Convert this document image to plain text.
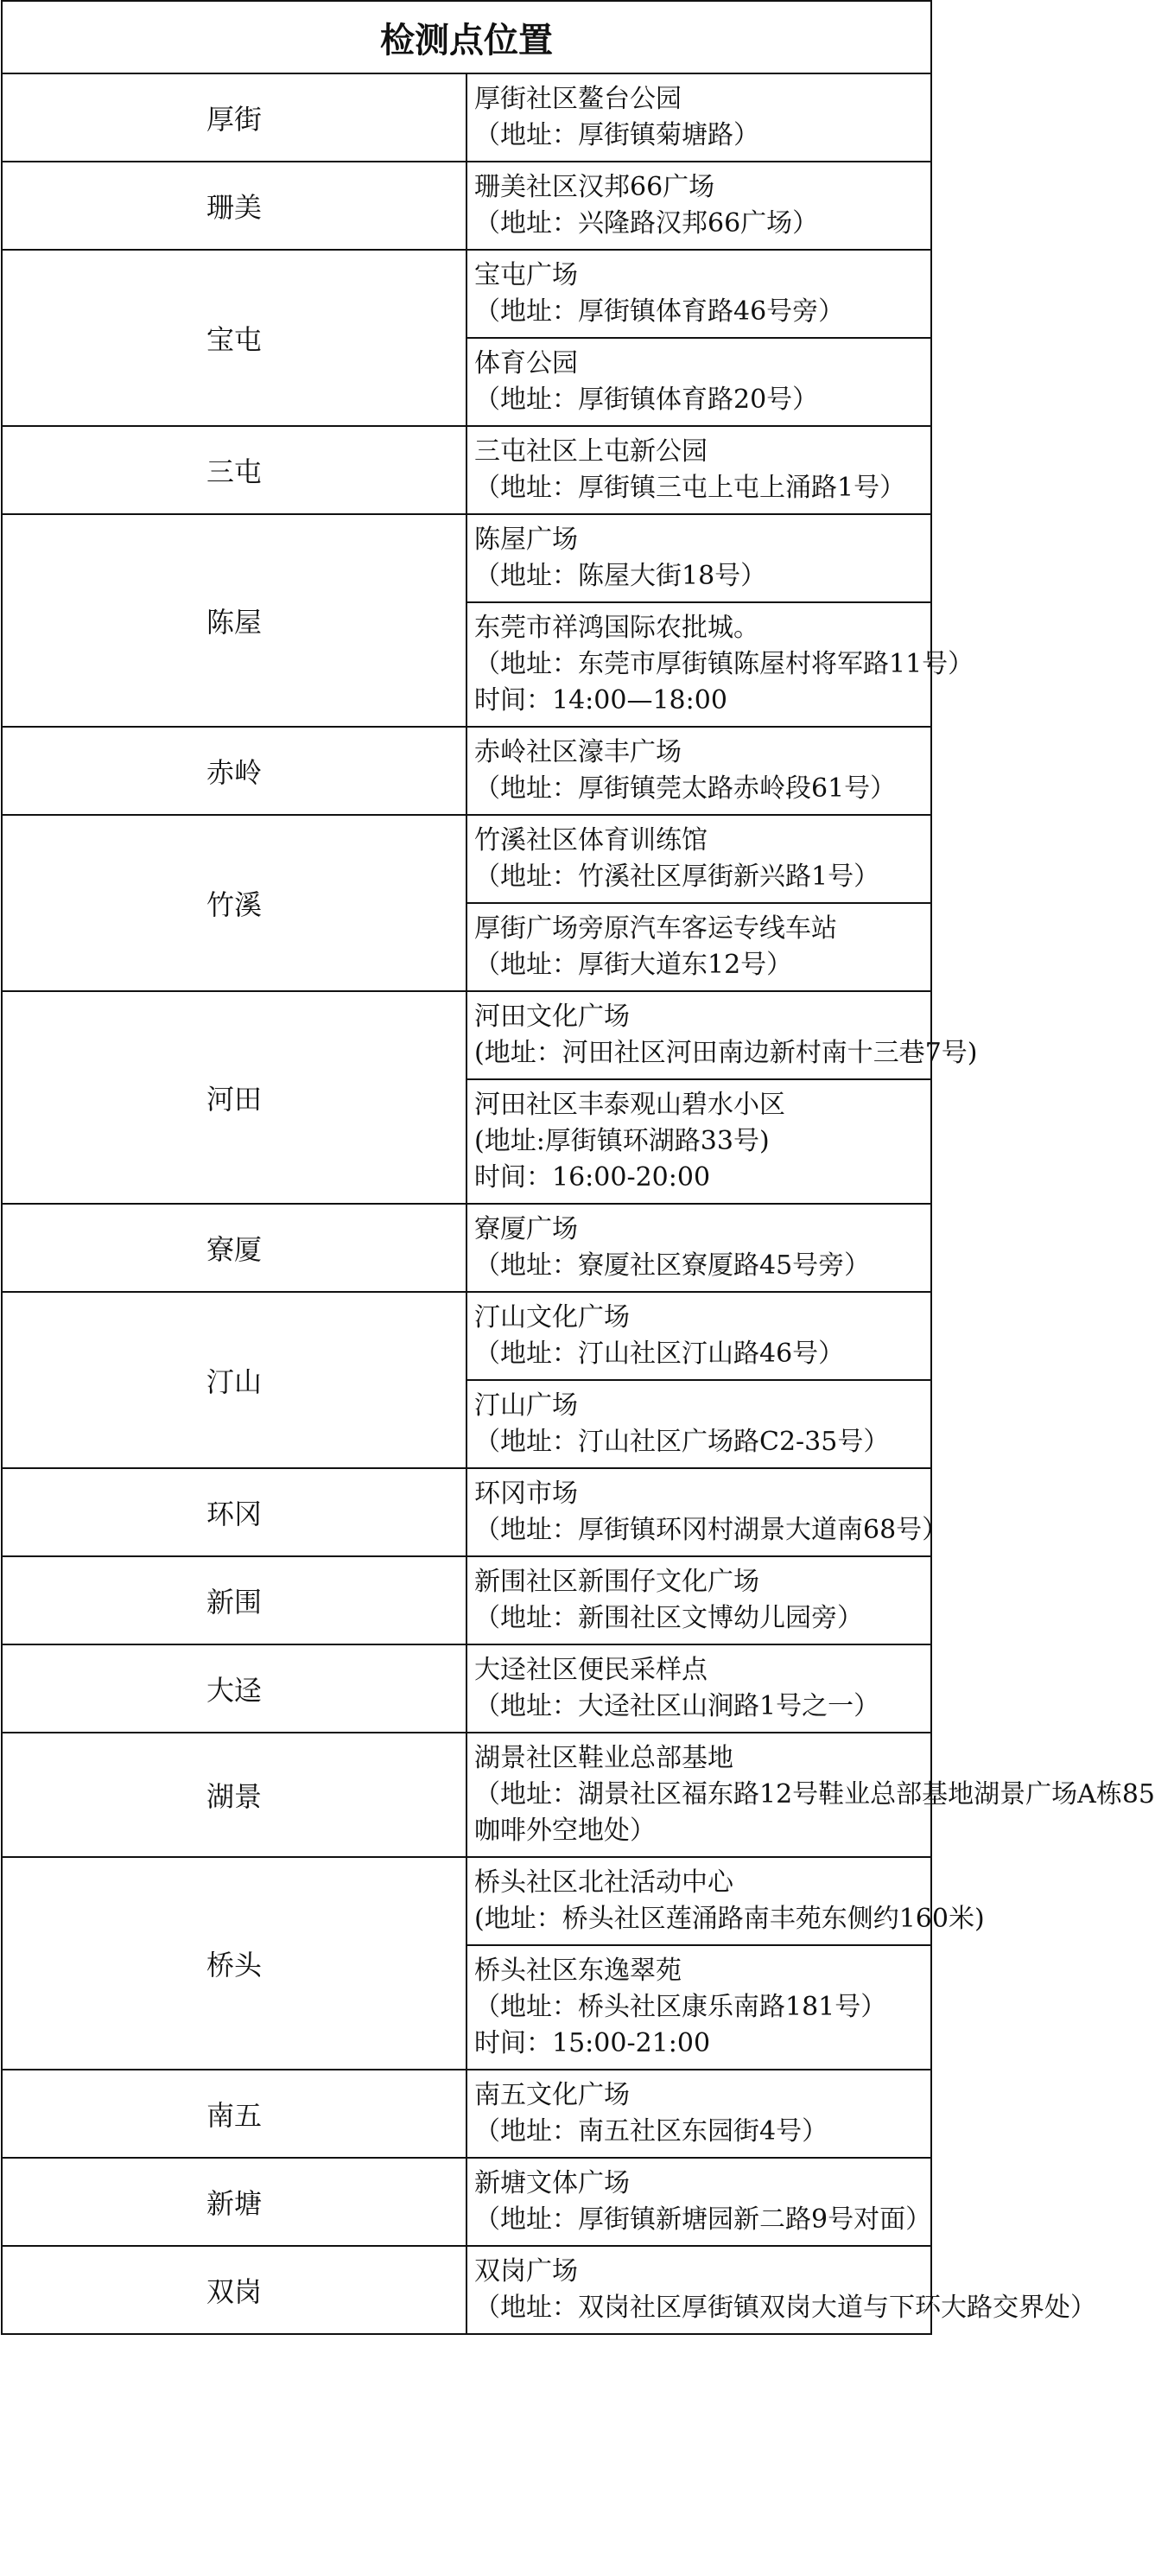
检测点位置	
厚街	厚街社区鳌台公园
（地址：厚街镇菊塘路）

珊美	珊美社区汉邦66广场
（地址：兴隆路汉邦66广场）

宝屯	宝屯广场
（地址：厚街镇体育路46号旁）

	体育公园
（地址：厚街镇体育路20号）

三屯	三屯社区上屯新公园
（地址：厚街镇三屯上屯上涌路1号）

陈屋	陈屋广场
（地址：陈屋大街18号）

	东莞市祥鸿国际农批城。
（地址：东莞市厚街镇陈屋村将军路11号）
时间：14:00—18:00

赤岭	赤岭社区濠丰广场
（地址：厚街镇莞太路赤岭段61号）

竹溪	竹溪社区体育训练馆
（地址：竹溪社区厚街新兴路1号）

	厚街广场旁原汽车客运专线车站
（地址：厚街大道东12号）

河田	河田文化广场
(地址：河田社区河田南边新村南十三巷7号)

	河田社区丰泰观山碧水小区
(地址:厚街镇环湖路33号)
时间：16:00-20:00

寮厦	寮厦广场
（地址：寮厦社区寮厦路45号旁）

汀山	汀山文化广场
（地址：汀山社区汀山路46号）

	汀山广场
（地址：汀山社区广场路C2-35号）

环冈	环冈市场
（地址：厚街镇环冈村湖景大道南68号）

新围	新围社区新围仔文化广场
（地址：新围社区文博幼儿园旁）

大迳	大迳社区便民采样点
（地址：大迳社区山涧路1号之一）

湖景	湖景社区鞋业总部基地
（地址：湖景社区福东路12号鞋业总部基地湖景广场A栋85
咖啡外空地处）

桥头	桥头社区北社活动中心
(地址：桥头社区莲涌路南丰苑东侧约160米)

	桥头社区东逸翠苑
（地址：桥头社区康乐南路181号）
时间：15:00-21:00

南五	南五文化广场
（地址：南五社区东园街4号）

新塘	新塘文体广场
（地址：厚街镇新塘园新二路9号对面）

双岗	双岗广场
（地址：双岗社区厚街镇双岗大道与下环大路交界处）
